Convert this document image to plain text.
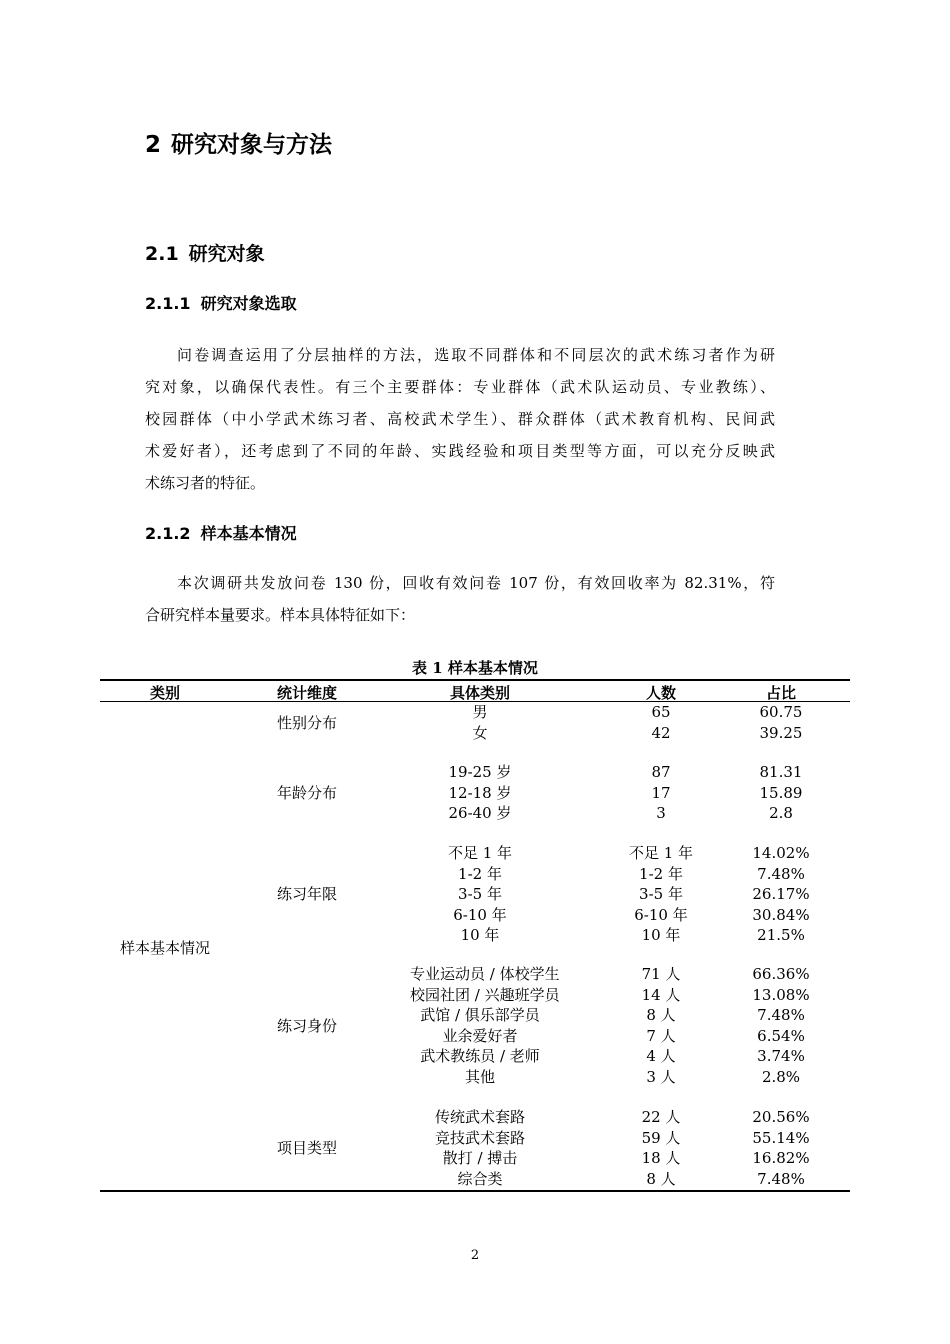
2 研究对象与方法
2.1 研究对象
2.1.1 研究对象选取
问卷调查运用了分层抽样的方法，选取不同群体和不同层次的武术练习者作为研
究对象，以确保代表性。有三个主要群体：专业群体（武术队运动员、专业教练）、
校园群体（中小学武术练习者、高校武术学生）、群众群体（武术教育机构、民间武
术爱好者），还考虑到了不同的年龄、实践经验和项目类型等方面，可以充分反映武
术练习者的特征。
2.1.2 样本基本情况
本次调研共发放问卷 130 份，回收有效问卷 107 份，有效回收率为 82.31%，符
合研究样本量要求。样本具体特征如下：
表 1 样本基本情况
类别	统计维度	具体类别	人数	占比
样本基本情况
性别分布
男	65	60.75
女	42	39.25
年龄分布
19-25 岁	87	81.31
12-18 岁	17	15.89
26-40 岁	3	2.8
练习年限
不足 1 年	不足 1 年	14.02%
1-2 年	1-2 年	7.48%
3-5 年	3-5 年	26.17%
6-10 年	6-10 年	30.84%
10 年	10 年	21.5%
练习身份
专业运动员 / 体校学生	71 人	66.36%
校园社团 / 兴趣班学员	14 人	13.08%
武馆 / 俱乐部学员	8 人	7.48%
业余爱好者	7 人	6.54%
武术教练员 / 老师	4 人	3.74%
其他	3 人	2.8%
项目类型
传统武术套路	22 人	20.56%
竞技武术套路	59 人	55.14%
散打 / 搏击	18 人	16.82%
综合类	8 人	7.48%
2
